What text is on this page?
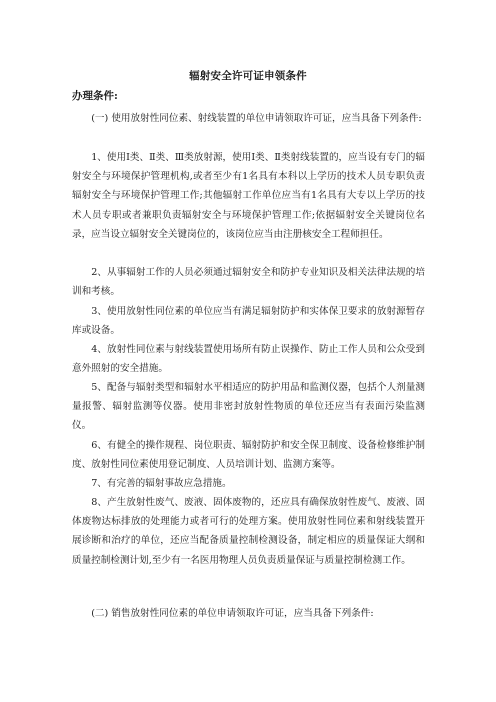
辐射安全许可证申领条件
办理条件:

(一) 使用放射性同位素、射线装置的单位申请领取许可证，应当具备下列条件:

1、使用Ⅰ类、Ⅱ类、Ⅲ类放射源，使用Ⅰ类、Ⅱ类射线装置的，应当设有专门的辐射安全与环境保护管理机构,或者至少有1名具有本科以上学历的技术人员专职负责辐射安全与环境保护管理工作;其他辐射工作单位应当有1名具有大专以上学历的技术人员专职或者兼职负责辐射安全与环境保护管理工作;依据辐射安全关键岗位名录，应当设立辐射安全关键岗位的，该岗位应当由注册核安全工程师担任。

2、从事辐射工作的人员必须通过辐射安全和防护专业知识及相关法律法规的培训和考核。

3、使用放射性同位素的单位应当有满足辐射防护和实体保卫要求的放射源暂存库或设备。

4、放射性同位素与射线装置使用场所有防止误操作、防止工作人员和公众受到意外照射的安全措施。

5、配备与辐射类型和辐射水平相适应的防护用品和监测仪器，包括个人剂量测量报警、辐射监测等仪器。使用非密封放射性物质的单位还应当有表面污染监测仪。

6、有健全的操作规程、岗位职责、辐射防护和安全保卫制度、设备检修维护制度、放射性同位素使用登记制度、人员培训计划、监测方案等。

7、有完善的辐射事故应急措施。

8、产生放射性废气、废液、固体废物的，还应具有确保放射性废气、废液、固体废物达标排放的处理能力或者可行的处理方案。使用放射性同位素和射线装置开展诊断和治疗的单位，还应当配备质量控制检测设备，制定相应的质量保证大纲和质量控制检测计划,至少有一名医用物理人员负责质量保证与质量控制检测工作。

(二) 销售放射性同位素的单位申请领取许可证，应当具备下列条件:
